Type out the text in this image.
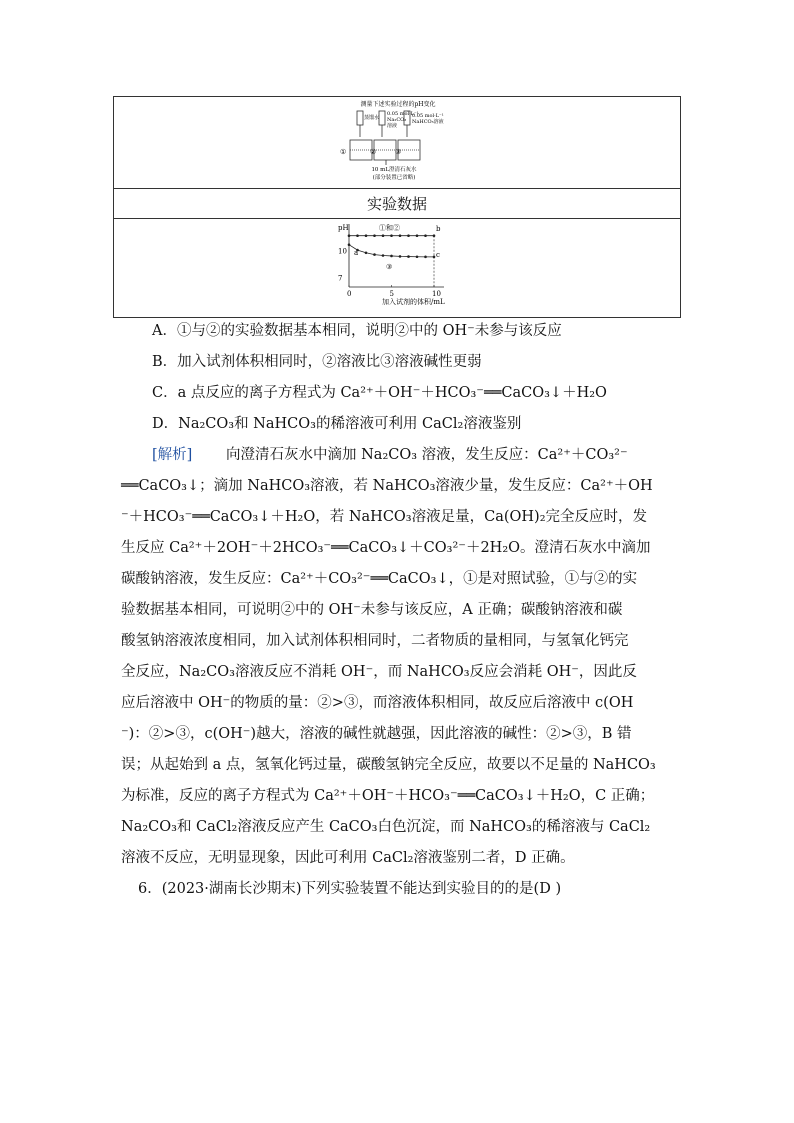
测量下述实验过程的pH变化
蒸馏水
0.05 mol·L⁻¹
Na₂CO₃
溶液
0.05 mol·L⁻¹
NaHCO₃溶液
①	②	③
10 mL澄清石灰水
(部分装置已省略)
实验数据
pH
加入试剂的体积/mL
0	5	10
7
10
①和②
③
a
b
c
A．①与②的实验数据基本相同，说明②中的 OH⁻未参与该反应
B．加入试剂体积相同时，②溶液比③溶液碱性更弱
C．a 点反应的离子方程式为 Ca²⁺＋OH⁻＋HCO₃⁻══CaCO₃↓＋H₂O
D．Na₂CO₃和 NaHCO₃的稀溶液可利用 CaCl₂溶液鉴别
[解析] 向澄清石灰水中滴加 Na₂CO₃ 溶液，发生反应：Ca²⁺＋CO₃²⁻
══CaCO₃↓；滴加 NaHCO₃溶液，若 NaHCO₃溶液少量，发生反应：Ca²⁺＋OH
⁻＋HCO₃⁻══CaCO₃↓＋H₂O，若 NaHCO₃溶液足量，Ca(OH)₂完全反应时，发
生反应 Ca²⁺＋2OH⁻＋2HCO₃⁻══CaCO₃↓＋CO₃²⁻＋2H₂O。澄清石灰水中滴加
碳酸钠溶液，发生反应：Ca²⁺＋CO₃²⁻══CaCO₃↓，①是对照试验，①与②的实
验数据基本相同，可说明②中的 OH⁻未参与该反应，A 正确；碳酸钠溶液和碳
酸氢钠溶液浓度相同，加入试剂体积相同时，二者物质的量相同，与氢氧化钙完
全反应，Na₂CO₃溶液反应不消耗 OH⁻，而 NaHCO₃反应会消耗 OH⁻，因此反
应后溶液中 OH⁻的物质的量：②>③，而溶液体积相同，故反应后溶液中 c(OH
⁻)：②>③，c(OH⁻)越大，溶液的碱性就越强，因此溶液的碱性：②>③，B 错
误；从起始到 a 点，氢氧化钙过量，碳酸氢钠完全反应，故要以不足量的 NaHCO₃
为标准，反应的离子方程式为 Ca²⁺＋OH⁻＋HCO₃⁻══CaCO₃↓＋H₂O，C 正确；
Na₂CO₃和 CaCl₂溶液反应产生 CaCO₃白色沉淀，而 NaHCO₃的稀溶液与 CaCl₂
溶液不反应，无明显现象，因此可利用 CaCl₂溶液鉴别二者，D 正确。
6．(2023·湖南长沙期末)下列实验装置不能达到实验目的的是(D )
